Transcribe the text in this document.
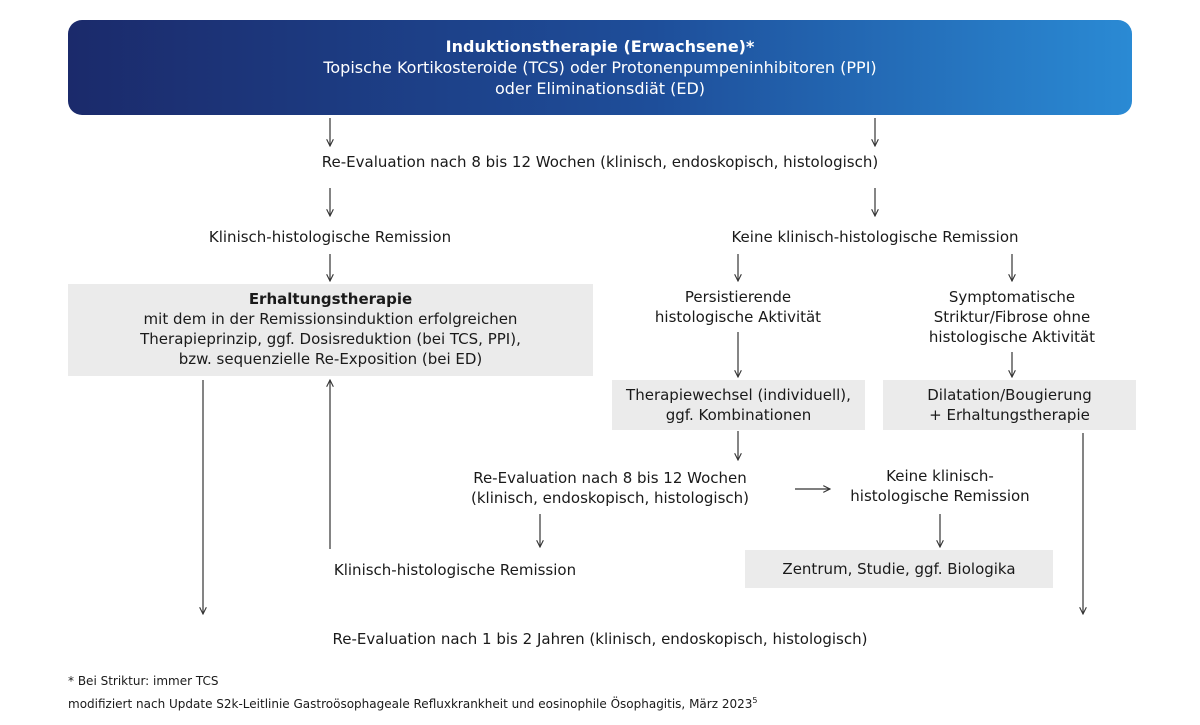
Induktionstherapie (Erwachsene)*
Topische Kortikosteroide (TCS) oder Protonenpumpeninhibitoren (PPI)
oder Eliminationsdiät (ED)
Re-Evaluation nach 8 bis 12 Wochen (klinisch, endoskopisch, histologisch)
Klinisch-histologische Remission	Keine klinisch-histologische Remission
Erhaltungstherapie
mit dem in der Remissionsinduktion erfolgreichen
Therapieprinzip, ggf. Dosisreduktion (bei TCS, PPI),
bzw. sequenzielle Re-Exposition (bei ED)
Persistierende
histologische Aktivität
Symptomatische
Striktur/Fibrose ohne
histologische Aktivität
Therapiewechsel (individuell),
ggf. Kombinationen
Dilatation/Bougierung
+ Erhaltungstherapie
Re-Evaluation nach 8 bis 12 Wochen
(klinisch, endoskopisch, histologisch)
Keine klinisch-
histologische Remission
Klinisch-histologische Remission	Zentrum, Studie, ggf. Biologika
Re-Evaluation nach 1 bis 2 Jahren (klinisch, endoskopisch, histologisch)
* Bei Striktur: immer TCS
modifiziert nach Update S2k-Leitlinie Gastroösophageale Refluxkrankheit und eosinophile Ösophagitis, März 2023$^5$
